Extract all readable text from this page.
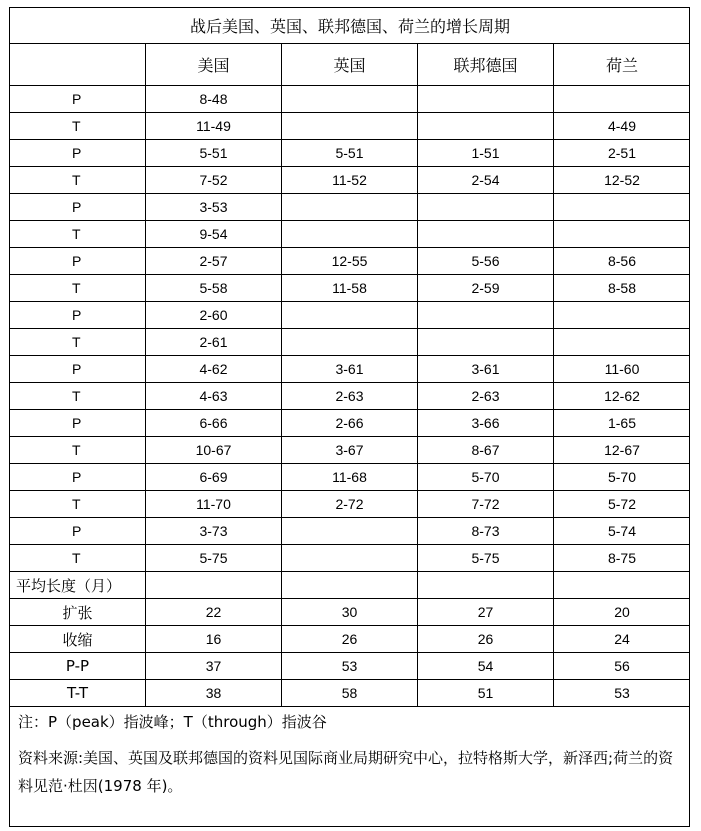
战后美国、英国、联邦德国、荷兰的增长周期				
	美国	英国	联邦德国	荷兰
P	8-48			
T	11-49			4-49
P	5-51	5-51	1-51	2-51
T	7-52	11-52	2-54	12-52
P	3-53			
T	9-54			
P	2-57	12-55	5-56	8-56
T	5-58	11-58	2-59	8-58
P	2-60			
T	2-61			
P	4-62	3-61	3-61	11-60
T	4-63	2-63	2-63	12-62
P	6-66	2-66	3-66	1-65
T	10-67	3-67	8-67	12-67
P	6-69	11-68	5-70	5-70
T	11-70	2-72	7-72	5-72
P	3-73		8-73	5-74
T	5-75		5-75	8-75
平均长度（月）				
扩张	22	30	27	20
收缩	16	26	26	24
P-P	37	53	54	56
T-T	38	58	51	53
注：P（peak）指波峰；T（through）指波谷
资料来源:美国、英国及联邦德国的资料见国际商业局期研究中心，拉特格斯大学，新泽西;荷兰的资料见范·杜因(1978 年)。
